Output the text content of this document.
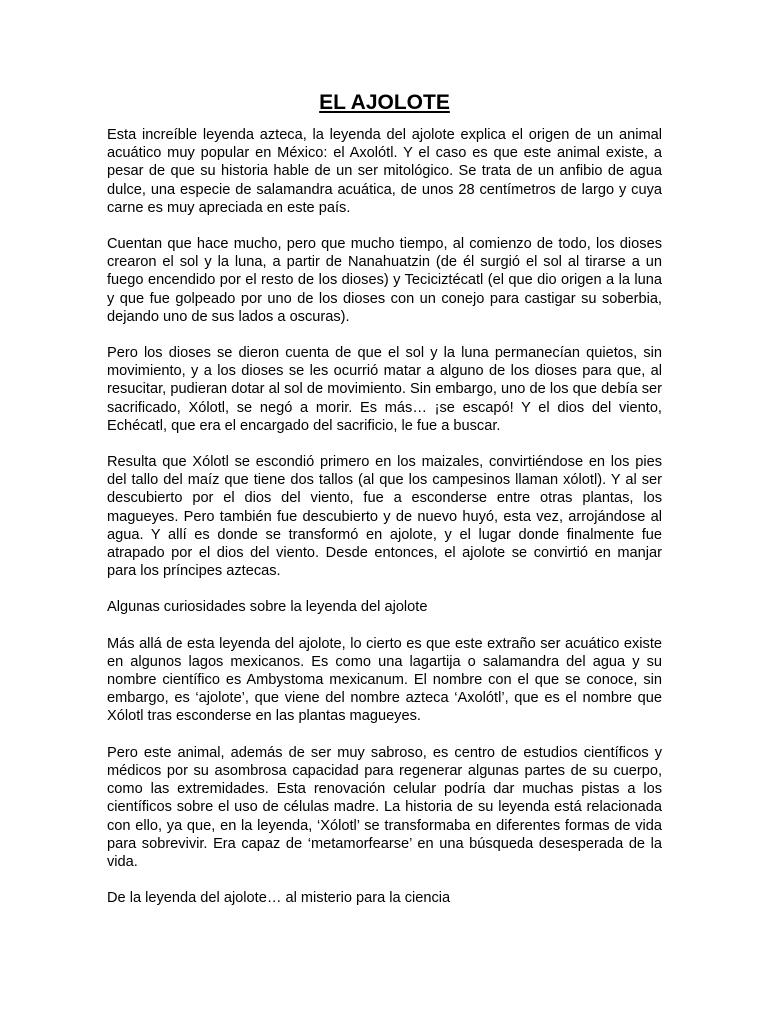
EL AJOLOTE

Esta increíble leyenda azteca, la leyenda del ajolote explica el origen de un animal acuático muy popular en México: el Axolótl. Y el caso es que este animal existe, a pesar de que su historia hable de un ser mitológico. Se trata de un anfibio de agua dulce, una especie de salamandra acuática, de unos 28 centímetros de largo y cuya carne es muy apreciada en este país.

Cuentan que hace mucho, pero que mucho tiempo, al comienzo de todo, los dioses crearon el sol y la luna, a partir de Nanahuatzin (de él surgió el sol al tirarse a un fuego encendido por el resto de los dioses) y Teciciztécatl (el que dio origen a la luna y que fue golpeado por uno de los dioses con un conejo para castigar su soberbia, dejando uno de sus lados a oscuras).

Pero los dioses se dieron cuenta de que el sol y la luna permanecían quietos, sin movimiento, y a los dioses se les ocurrió matar a alguno de los dioses para que, al resucitar, pudieran dotar al sol de movimiento. Sin embargo, uno de los que debía ser sacrificado, Xólotl, se negó a morir. Es más… ¡se escapó! Y el dios del viento, Echécatl, que era el encargado del sacrificio, le fue a buscar.

Resulta que Xólotl se escondió primero en los maizales, convirtiéndose en los pies del tallo del maíz que tiene dos tallos (al que los campesinos llaman xólotl). Y al ser descubierto por el dios del viento, fue a esconderse entre otras plantas, los magueyes. Pero también fue descubierto y de nuevo huyó, esta vez, arrojándose al agua. Y allí es donde se transformó en ajolote, y el lugar donde finalmente fue atrapado por el dios del viento. Desde entonces, el ajolote se convirtió en manjar para los príncipes aztecas.

Algunas curiosidades sobre la leyenda del ajolote

Más allá de esta leyenda del ajolote, lo cierto es que este extraño ser acuático existe en algunos lagos mexicanos. Es como una lagartija o salamandra del agua y su nombre científico es Ambystoma mexicanum. El nombre con el que se conoce, sin embargo, es ‘ajolote’, que viene del nombre azteca ‘Axolótl’, que es el nombre que Xólotl tras esconderse en las plantas magueyes.

Pero este animal, además de ser muy sabroso, es centro de estudios científicos y médicos por su asombrosa capacidad para regenerar algunas partes de su cuerpo, como las extremidades. Esta renovación celular podría dar muchas pistas a los científicos sobre el uso de células madre. La historia de su leyenda está relacionada con ello, ya que, en la leyenda, ‘Xólotl’ se transformaba en diferentes formas de vida para sobrevivir. Era capaz de ‘metamorfearse’ en una búsqueda desesperada de la vida.

De la leyenda del ajolote… al misterio para la ciencia
